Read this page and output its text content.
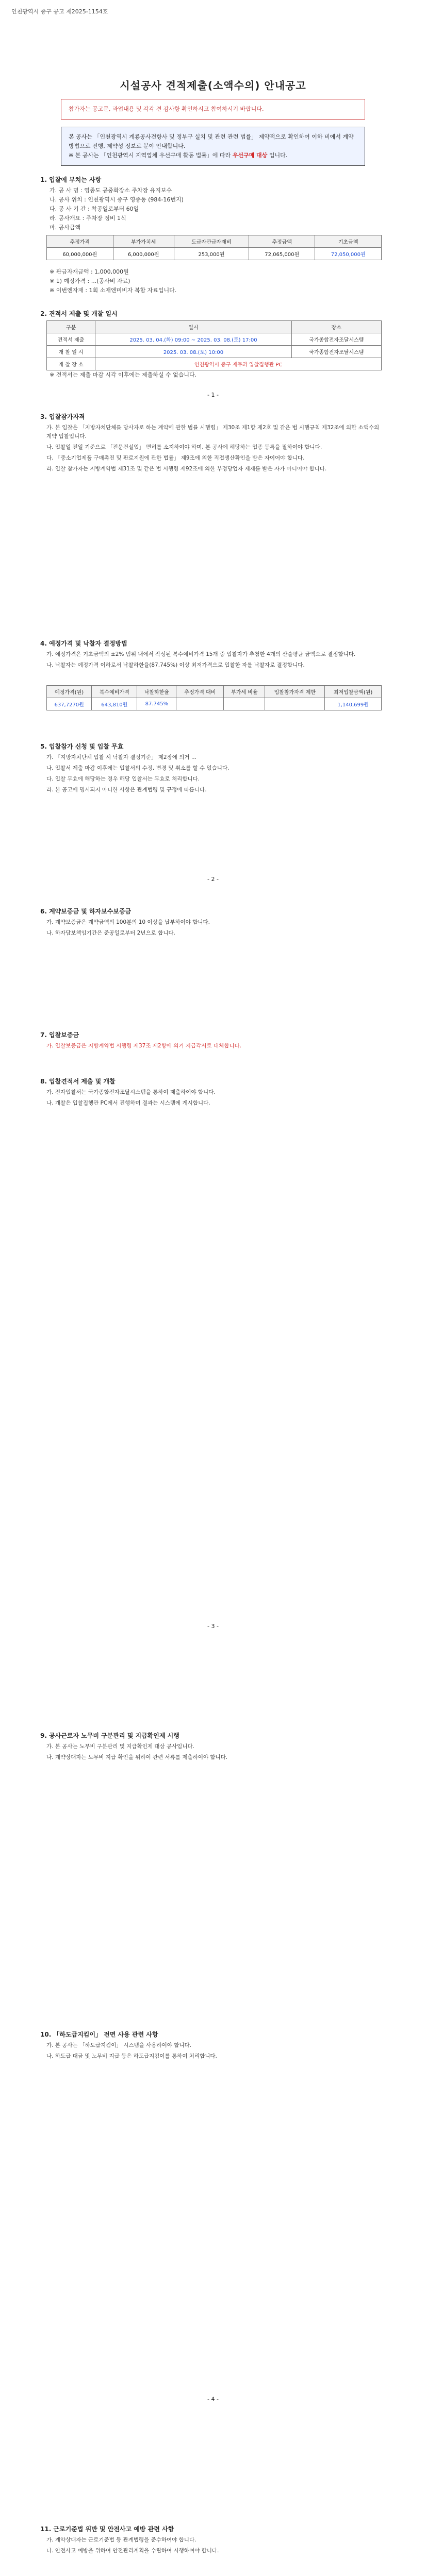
인천광역시 중구 공고 제2025-1154호
시설공사 견적제출(소액수의) 안내공고
참가자는 공고문, 과업내용 및 각각 견 감사항 확인하시고 참여하시기 바랍니다.
본 공사는 「인천광역시 계룡공사견항사 및 정부구 실치 및 관련 관련 법률」 제약적으로 확인하여 이하 비에서 계약 방법으로 진행, 제약성 정보로 분야 안내합니다.
※ 본 공사는 「인천광역시 지역업체 우선구매 활동 법률」에 따라 우선구매 대상 입니다.
1. 입찰에 부치는 사항
가. 공 사 명 : 영종도 공중화장소 주차장 유지보수
나. 공사 위치 : 인천광역시 중구 영종동 (984-16번지)
다. 공 사 기 간 : 착공일로부터 60일
라. 공사개요 : 주차장 정비 1식
마. 공사금액
추정가격	부가가치세	도급자관급자재비	추정금액	기초금액
60,000,000원	6,000,000원	253,000원	72,065,000원	72,050,000원
※ 관급자재금액 : 1,000,000원
※ 1) 예정가격 : ...(공사비 자료)
※ 이번엔자재 : 1회 소재엔미비자 복합 자료입니다.
2. 견적서 제출 및 개찰 일시
구분	일시	장소
견적서 제출	2025. 03. 04.(화) 09:00 ~ 2025. 03. 08.(토) 17:00	국가종합전자조달시스템
개 찰 일 시	2025. 03. 08.(토) 10:00	국가종합전자조달시스템
개 찰 장 소	인천광역시 중구 재무과 입찰집행관 PC	
※ 견적서는 제출 마감 시각 이후에는 제출하실 수 없습니다.
- 1 -
3. 입찰참가자격

가. 본 입찰은 「지방자치단체를 당사자로 하는 계약에 관한 법률 시행령」 제30조 제1항 제2호 및 같은 법 시행규칙 제32조에 의한 소액수의계약 입찰입니다.

나. 입찰일 전일 기준으로 「전문건설업」 면허를 소지하여야 하며, 본 공사에 해당하는 업종 등록을 필하여야 합니다.

다. 「중소기업제품 구매촉진 및 판로지원에 관한 법률」 제9조에 의한 직접생산확인을 받은 자이어야 합니다.

라. 입찰 참가자는 지방계약법 제31조 및 같은 법 시행령 제92조에 의한 부정당업자 제재를 받은 자가 아니어야 합니다.

4. 예정가격 및 낙찰자 결정방법

가. 예정가격은 기초금액의 ±2% 범위 내에서 작성된 복수예비가격 15개 중 입찰자가 추첨한 4개의 산술평균 금액으로 결정합니다.

나. 낙찰자는 예정가격 이하로서 낙찰하한율(87.745%) 이상 최저가격으로 입찰한 자를 낙찰자로 결정합니다.

예정가격(원)	복수예비가격	낙찰하한율	추정가격 대비	부가세 비율	입찰참가자격 제한	최저입찰금액(원)
637,7270원	643,810원	87.745%				1,140,699원
5. 입찰참가 신청 및 입찰 무효

가. 「지방자치단체 입찰 시 낙찰자 결정기준」 제2장에 의거 ...

나. 입찰서 제출 마감 이후에는 입찰서의 수정, 변경 및 취소를 할 수 없습니다.

다. 입찰 무효에 해당하는 경우 해당 입찰서는 무효로 처리합니다.

라. 본 공고에 명시되지 아니한 사항은 관계법령 및 규정에 따릅니다.

- 2 -
6. 계약보증금 및 하자보수보증금

가. 계약보증금은 계약금액의 100분의 10 이상을 납부하여야 합니다.

나. 하자담보책임기간은 준공일로부터 2년으로 합니다.

7. 입찰보증금

가. 입찰보증금은 지방계약법 시행령 제37조 제2항에 의거 지급각서로 대체합니다.

8. 입찰견적서 제출 및 개찰

가. 전자입찰서는 국가종합전자조달시스템을 통하여 제출하여야 합니다.

나. 개찰은 입찰집행관 PC에서 진행하며 결과는 시스템에 게시합니다.

- 3 -
9. 공사근로자 노무비 구분관리 및 지급확인제 시행

가. 본 공사는 노무비 구분관리 및 지급확인제 대상 공사입니다.

나. 계약상대자는 노무비 지급 확인을 위하여 관련 서류를 제출하여야 합니다.

10. 「하도급지킴이」 전면 사용 관련 사항

가. 본 공사는 「하도급지킴이」 시스템을 사용하여야 합니다.

나. 하도급 대금 및 노무비 지급 등은 하도급지킴이를 통하여 처리합니다.

- 4 -
11. 근로기준법 위반 및 안전사고 예방 관련 사항

가. 계약상대자는 근로기준법 등 관계법령을 준수하여야 합니다.

나. 안전사고 예방을 위하여 안전관리계획을 수립하여 시행하여야 합니다.
